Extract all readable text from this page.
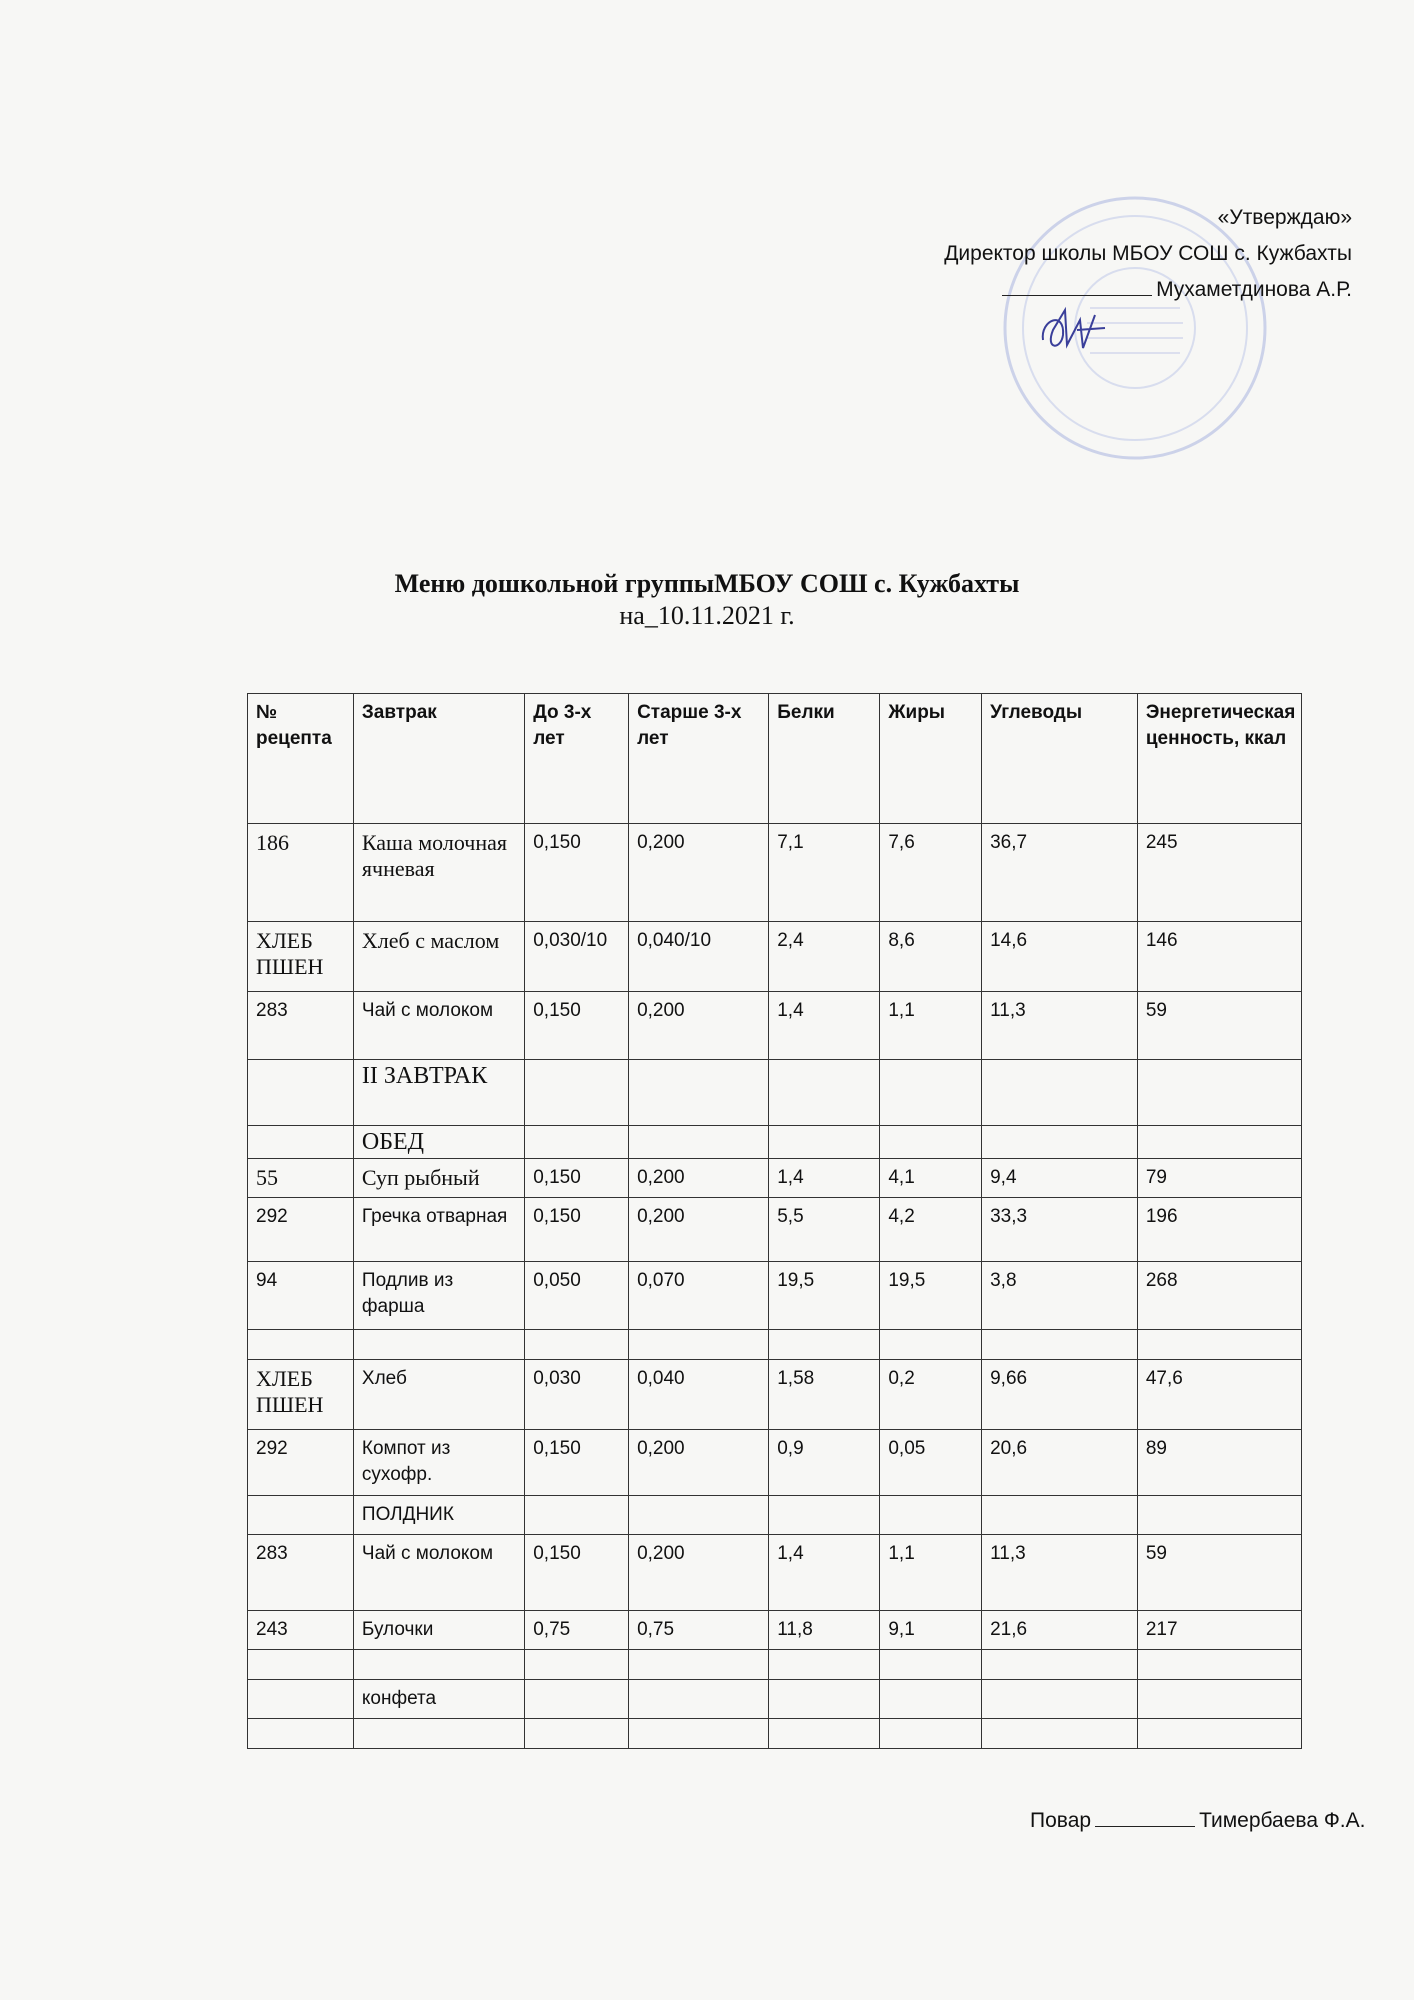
«Утверждаю»
Директор школы МБОУ СОШ с. Кужбахты
Мухаметдинова А.Р.
Меню дошкольной группыМБОУ СОШ с. Кужбахты
на_10.11.2021 г.
№ рецепта	Завтрак	До 3-х лет	Старше 3-х лет	Белки	Жиры	Углеводы	Энергетическая ценность, ккал
186	Каша молочная ячневая	0,150	0,200	7,1	7,6	36,7	245
ХЛЕБ ПШЕН	Хлеб с маслом	0,030/10	0,040/10	2,4	8,6	14,6	146
283	Чай с молоком	0,150	0,200	1,4	1,1	11,3	59
	II ЗАВТРАК						
	ОБЕД						
55	Суп рыбный	0,150	0,200	1,4	4,1	9,4	79
292	Гречка отварная	0,150	0,200	5,5	4,2	33,3	196
94	Подлив из фарша	0,050	0,070	19,5	19,5	3,8	268

ХЛЕБ ПШЕН	Хлеб	0,030	0,040	1,58	0,2	9,66	47,6
292	Компот из сухофр.	0,150	0,200	0,9	0,05	20,6	89
	ПОЛДНИК						
283	Чай с молоком	0,150	0,200	1,4	1,1	11,3	59
243	Булочки	0,75	0,75	11,8	9,1	21,6	217

	конфета						

Повар	Тимербаева Ф.А.
